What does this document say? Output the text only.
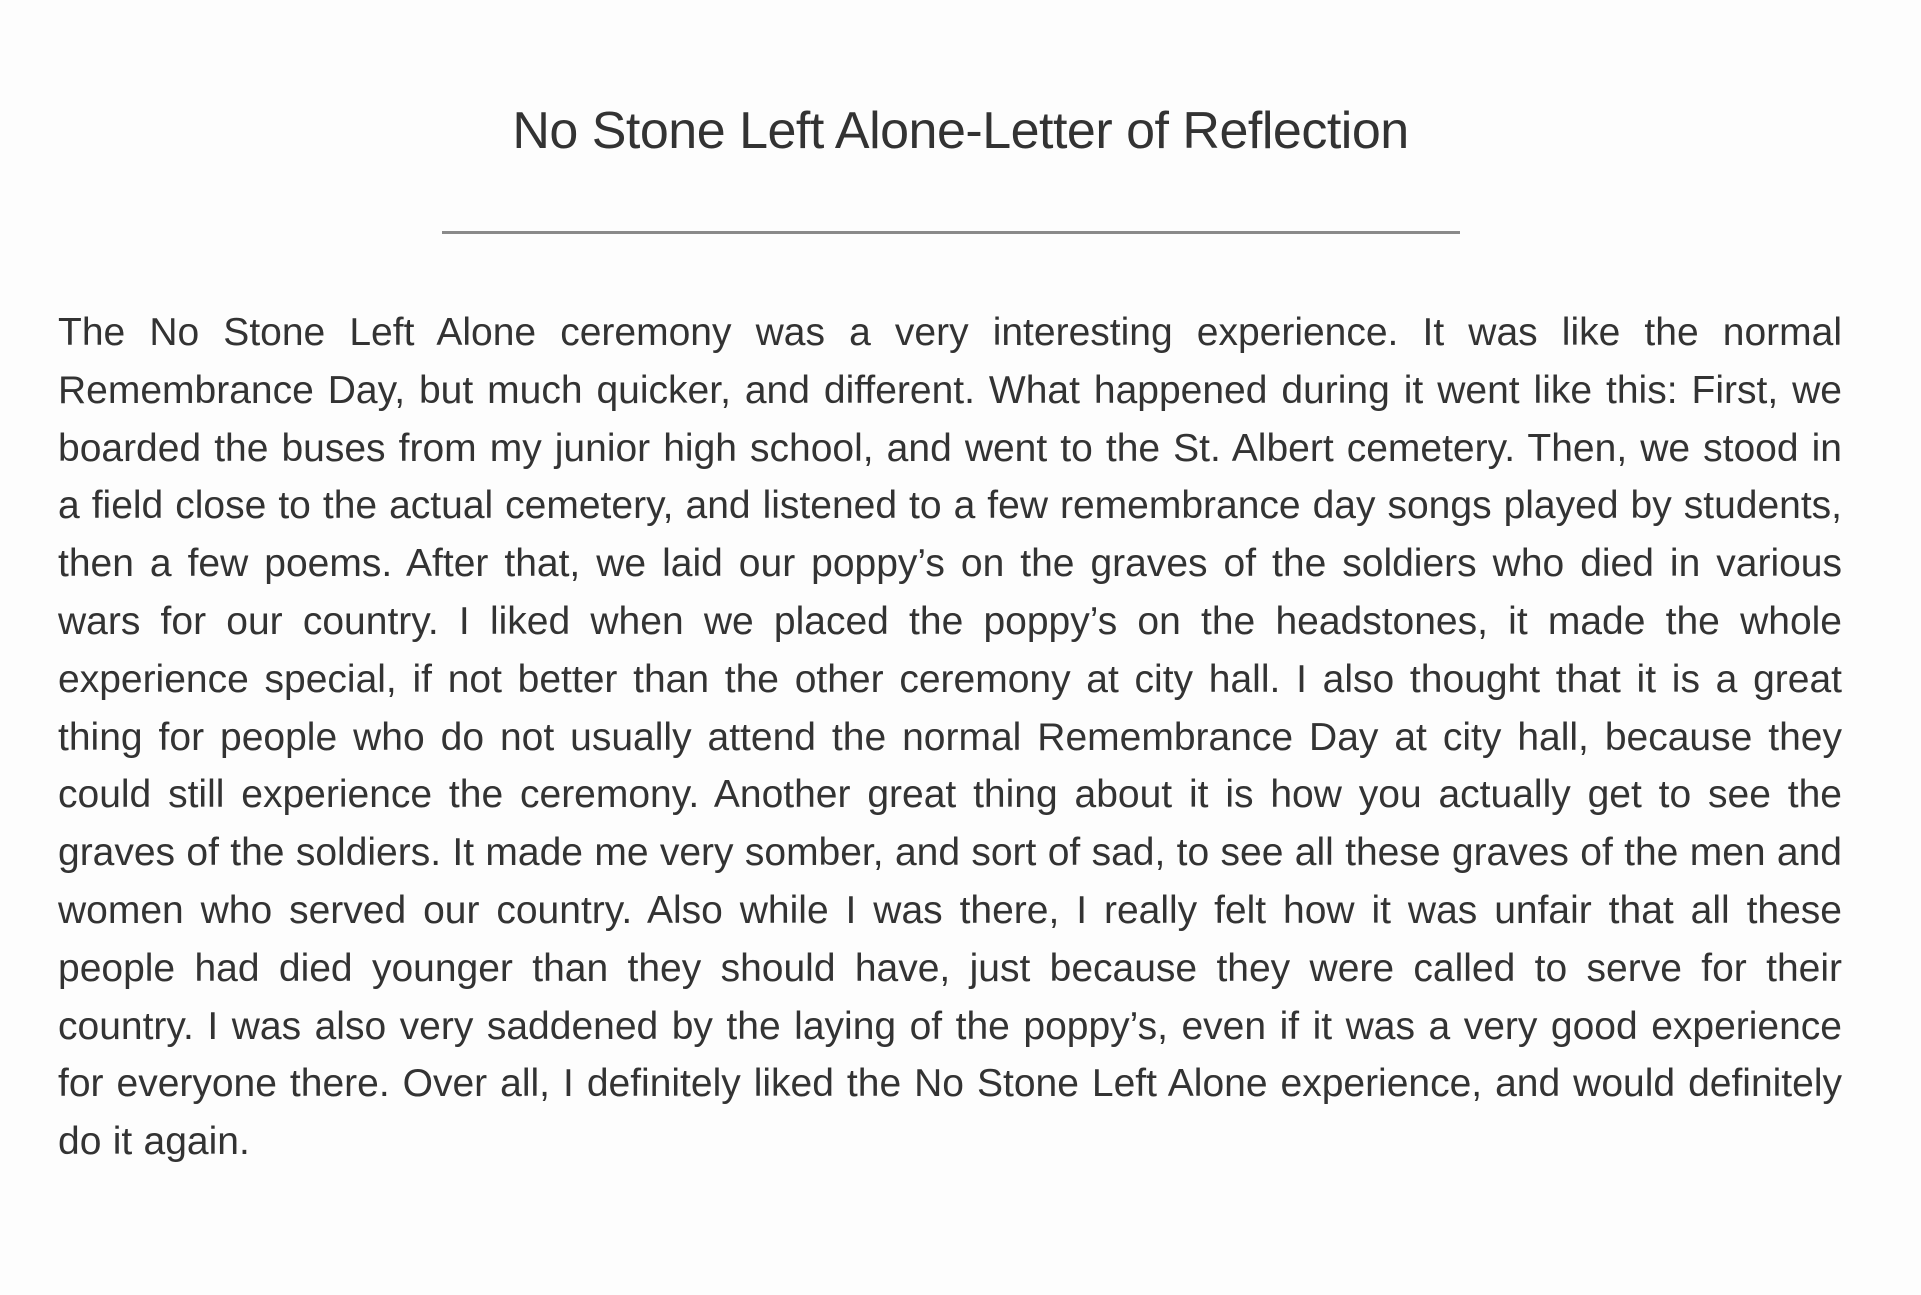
No Stone Left Alone-Letter of Reflection

The No Stone Left Alone ceremony was a very interesting experience. It was like the normal Remembrance Day, but much quicker, and different. What happened during it went like this: First, we boarded the buses from my junior high school, and went to the St. Albert cemetery. Then, we stood in a field close to the actual cemetery, and listened to a few remembrance day songs played by students, then a few poems. After that, we laid our poppy’s on the graves of the soldiers who died in various wars for our country. I liked when we placed the poppy’s on the headstones, it made the whole experience special, if not better than the other ceremony at city hall. I also thought that it is a great thing for people who do not usually attend the normal Remembrance Day at city hall, because they could still experience the ceremony. Another great thing about it is how you actually get to see the graves of the soldiers. It made me very somber, and sort of sad, to see all these graves of the men and women who served our country. Also while I was there, I really felt how it was unfair that all these people had died younger than they should have, just because they were called to serve for their country. I was also very saddened by the laying of the poppy’s, even if it was a very good experience for everyone there. Over all, I definitely liked the No Stone Left Alone experience, and would definitely do it again.
